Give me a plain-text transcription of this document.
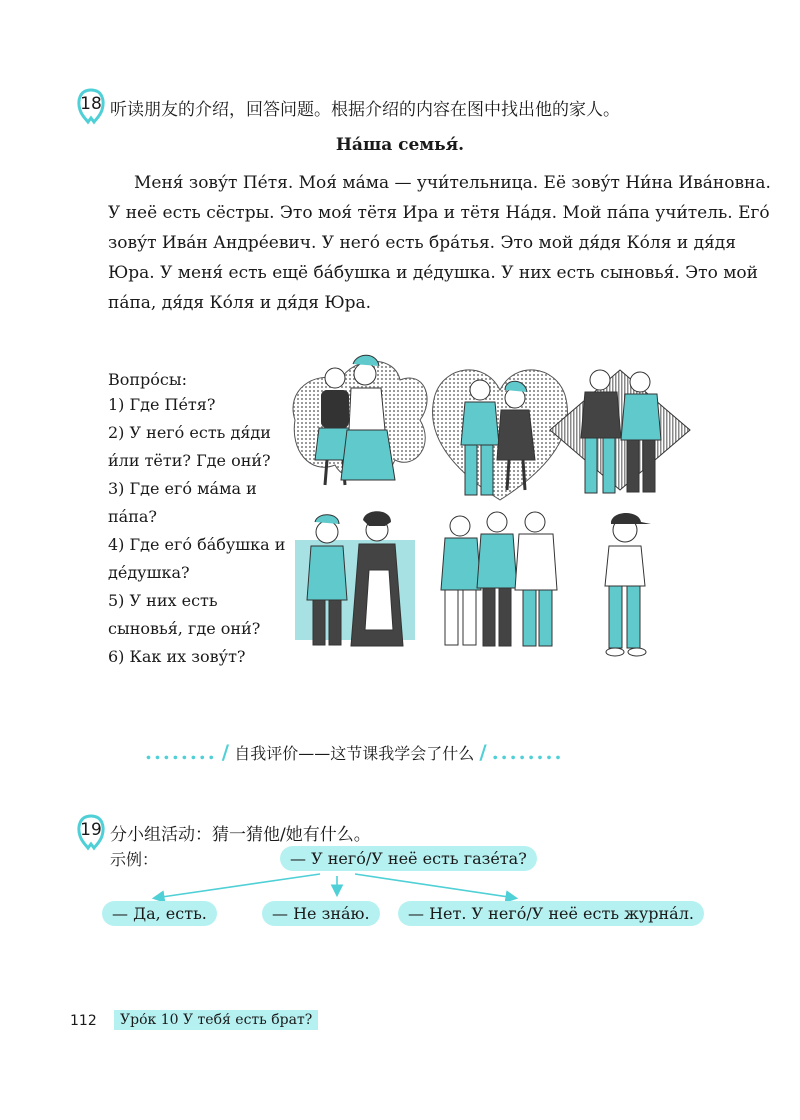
18 听读朋友的介绍，回答问题。根据介绍的内容在图中找出他的家人。
На́ша семья́.

Меня́ зову́т Пе́тя. Моя́ ма́ма — учи́тельница. Её зову́т Ни́на Ива́новна.

У неё есть сёстры. Это моя́ тётя Ира и тётя На́дя. Мой па́па учи́тель. Его́

зову́т Ива́н Андре́евич. У него́ есть бра́тья. Это мой дя́дя Ко́ля и дя́дя

Юра. У меня́ есть ещё ба́бушка и де́душка. У них есть сыновья́. Это мой

па́па, дя́дя Ко́ля и дя́дя Юра.

Вопро́сы:
1) Где Пе́тя?
2) У него́ есть дя́ди
и́ли тёти? Где они́?
3) Где его́ ма́ма и
па́па?
4) Где его́ ба́бушка и
де́душка?
5) У них есть
сыновья́, где они́?
6) Как их зову́т?
........ / 自我评价——这节课我学会了什么 / ........
19 分小组活动：猜一猜他/她有什么。
示例：	— У него́/У неё есть газе́та?
— Да, есть.	— Не зна́ю.	— Нет. У него́/У неё есть журна́л.
112	Уро́к 10 У тебя́ есть брат?
